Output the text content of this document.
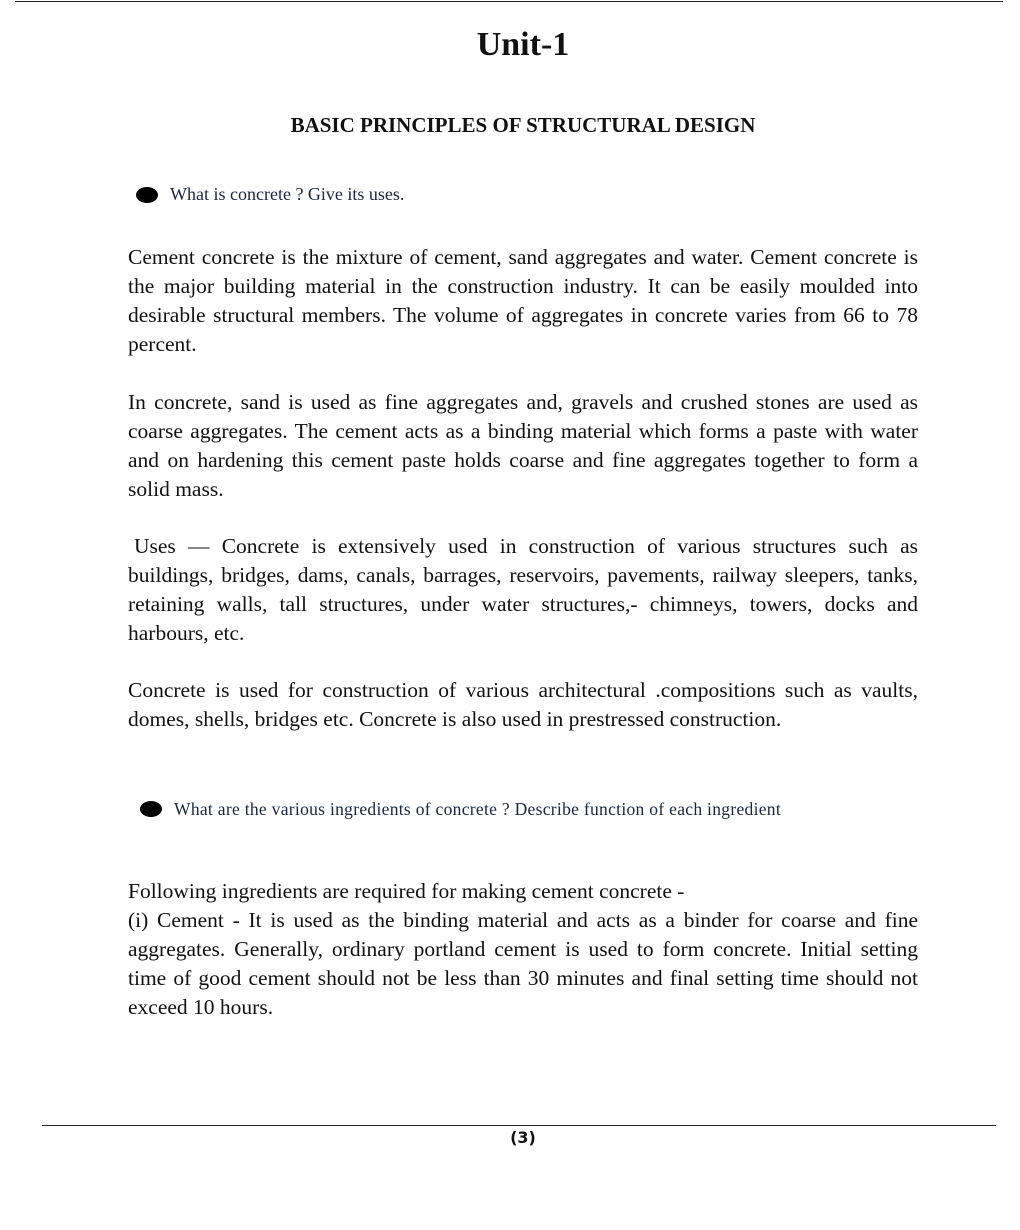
Unit-1
BASIC PRINCIPLES OF STRUCTURAL DESIGN
What is concrete ? Give its uses.
Cement concrete is the mixture of cement, sand aggregates and water. Cement concrete is the major building material in the construction industry. It can be easily moulded into desirable structural members. The volume of aggregates in concrete varies from 66 to 78 percent.
In concrete, sand is used as fine aggregates and, gravels and crushed stones are used as coarse aggregates. The cement acts as a binding material which forms a paste with water and on hardening this cement paste holds coarse and fine aggregates together to form a solid mass.
Uses — Concrete is extensively used in construction of various structures such as buildings, bridges, dams, canals, barrages, reservoirs, pavements, railway sleepers, tanks, retaining walls, tall structures, under water structures,- chimneys, towers, docks and harbours, etc.
Concrete is used for construction of various architectural .compositions such as vaults, domes, shells, bridges etc. Concrete is also used in prestressed construction.
What are the various ingredients of concrete ? Describe function of each ingredient
Following ingredients are required for making cement concrete -
(i) Cement - It is used as the binding material and acts as a binder for coarse and fine aggregates. Generally, ordinary portland cement is used to form concrete. Initial setting time of good cement should not be less than 30 minutes and final setting time should not exceed 10 hours.
(3)
